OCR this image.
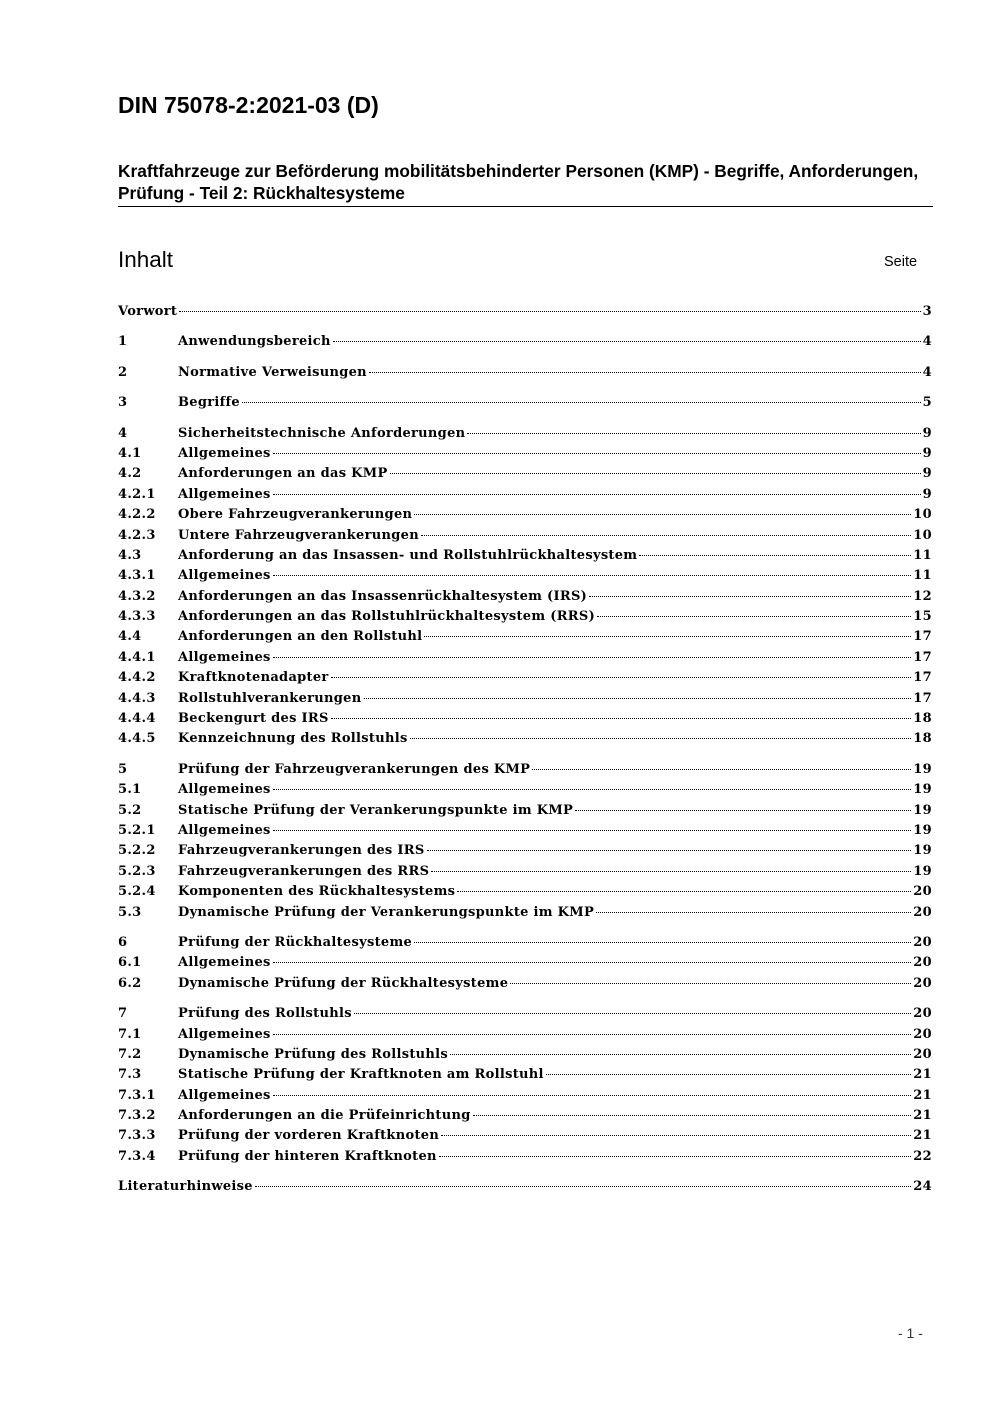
DIN 75078-2:2021-03 (D)
Kraftfahrzeuge zur Beförderung mobilitätsbehinderter Personen (KMP) - Begriffe, Anforderungen, Prüfung - Teil 2: Rückhaltesysteme
Inhalt	Seite
Vorwort	3
1	Anwendungsbereich	4
2	Normative Verweisungen	4
3	Begriffe	5
4	Sicherheitstechnische Anforderungen	9
4.1	Allgemeines	9
4.2	Anforderungen an das KMP	9
4.2.1	Allgemeines	9
4.2.2	Obere Fahrzeugverankerungen	10
4.2.3	Untere Fahrzeugverankerungen	10
4.3	Anforderung an das Insassen- und Rollstuhlrückhaltesystem	11
4.3.1	Allgemeines	11
4.3.2	Anforderungen an das Insassenrückhaltesystem (IRS)	12
4.3.3	Anforderungen an das Rollstuhlrückhaltesystem (RRS)	15
4.4	Anforderungen an den Rollstuhl	17
4.4.1	Allgemeines	17
4.4.2	Kraftknotenadapter	17
4.4.3	Rollstuhlverankerungen	17
4.4.4	Beckengurt des IRS	18
4.4.5	Kennzeichnung des Rollstuhls	18
5	Prüfung der Fahrzeugverankerungen des KMP	19
5.1	Allgemeines	19
5.2	Statische Prüfung der Verankerungspunkte im KMP	19
5.2.1	Allgemeines	19
5.2.2	Fahrzeugverankerungen des IRS	19
5.2.3	Fahrzeugverankerungen des RRS	19
5.2.4	Komponenten des Rückhaltesystems	20
5.3	Dynamische Prüfung der Verankerungspunkte im KMP	20
6	Prüfung der Rückhaltesysteme	20
6.1	Allgemeines	20
6.2	Dynamische Prüfung der Rückhaltesysteme	20
7	Prüfung des Rollstuhls	20
7.1	Allgemeines	20
7.2	Dynamische Prüfung des Rollstuhls	20
7.3	Statische Prüfung der Kraftknoten am Rollstuhl	21
7.3.1	Allgemeines	21
7.3.2	Anforderungen an die Prüfeinrichtung	21
7.3.3	Prüfung der vorderen Kraftknoten	21
7.3.4	Prüfung der hinteren Kraftknoten	22
Literaturhinweise	24
- 1 -
